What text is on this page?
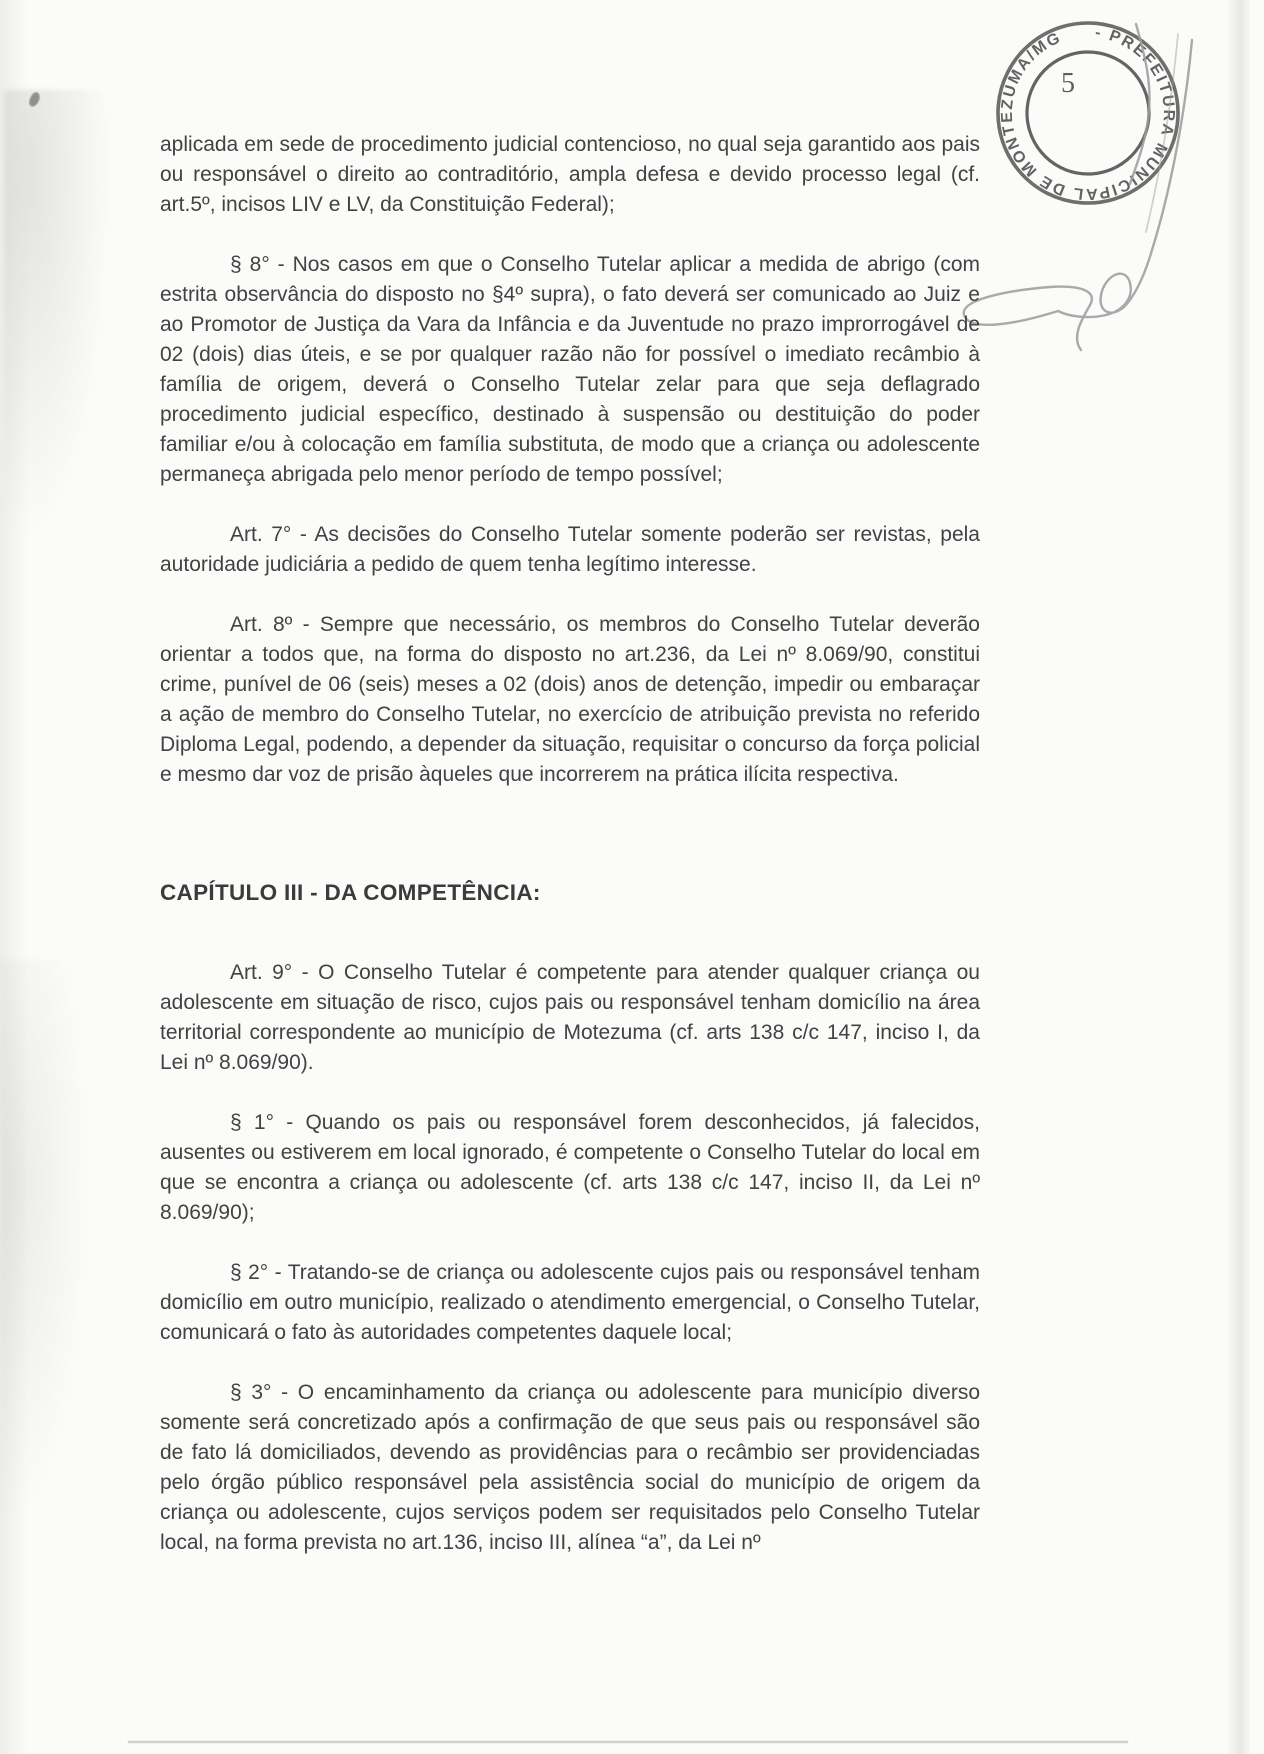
- PREFEITURA MUNICIPAL DE MONTEZUMA/MG
5

aplicada em sede de procedimento judicial contencioso, no qual seja garantido aos pais ou responsável o direito ao contraditório, ampla defesa e devido processo legal (cf. art.5º, incisos LIV e LV, da Constituição Federal);

§ 8° - Nos casos em que o Conselho Tutelar aplicar a medida de abrigo (com estrita observância do disposto no §4º supra), o fato deverá ser comunicado ao Juiz e ao Promotor de Justiça da Vara da Infância e da Juventude no prazo improrrogável de 02 (dois) dias úteis, e se por qualquer razão não for possível o imediato recâmbio à família de origem, deverá o Conselho Tutelar zelar para que seja deflagrado procedimento judicial específico, destinado à suspensão ou destituição do poder familiar e/ou à colocação em família substituta, de modo que a criança ou adolescente permaneça abrigada pelo menor período de tempo possível;

Art. 7° - As decisões do Conselho Tutelar somente poderão ser revistas, pela autoridade judiciária a pedido de quem tenha legítimo interesse.

Art. 8º - Sempre que necessário, os membros do Conselho Tutelar deverão orientar a todos que, na forma do disposto no art.236, da Lei nº 8.069/90, constitui crime, punível de 06 (seis) meses a 02 (dois) anos de detenção, impedir ou embaraçar a ação de membro do Conselho Tutelar, no exercício de atribuição prevista no referido Diploma Legal, podendo, a depender da situação, requisitar o concurso da força policial e mesmo dar voz de prisão àqueles que incorrerem na prática ilícita respectiva.

CAPÍTULO III - DA COMPETÊNCIA:

Art. 9° - O Conselho Tutelar é competente para atender qualquer criança ou adolescente em situação de risco, cujos pais ou responsável tenham domicílio na área territorial correspondente ao município de Motezuma (cf. arts 138 c/c 147, inciso I, da Lei nº 8.069/90).

§ 1° - Quando os pais ou responsável forem desconhecidos, já falecidos, ausentes ou estiverem em local ignorado, é competente o Conselho Tutelar do local em que se encontra a criança ou adolescente (cf. arts 138 c/c 147, inciso II, da Lei nº 8.069/90);

§ 2° - Tratando-se de criança ou adolescente cujos pais ou responsável tenham domicílio em outro município, realizado o atendimento emergencial, o Conselho Tutelar, comunicará o fato às autoridades competentes daquele local;

§ 3° - O encaminhamento da criança ou adolescente para município diverso somente será concretizado após a confirmação de que seus pais ou responsável são de fato lá domiciliados, devendo as providências para o recâmbio ser providenciadas pelo órgão público responsável pela assistência social do município de origem da criança ou adolescente, cujos serviços podem ser requisitados pelo Conselho Tutelar local, na forma prevista no art.136, inciso III, alínea “a”, da Lei nº
